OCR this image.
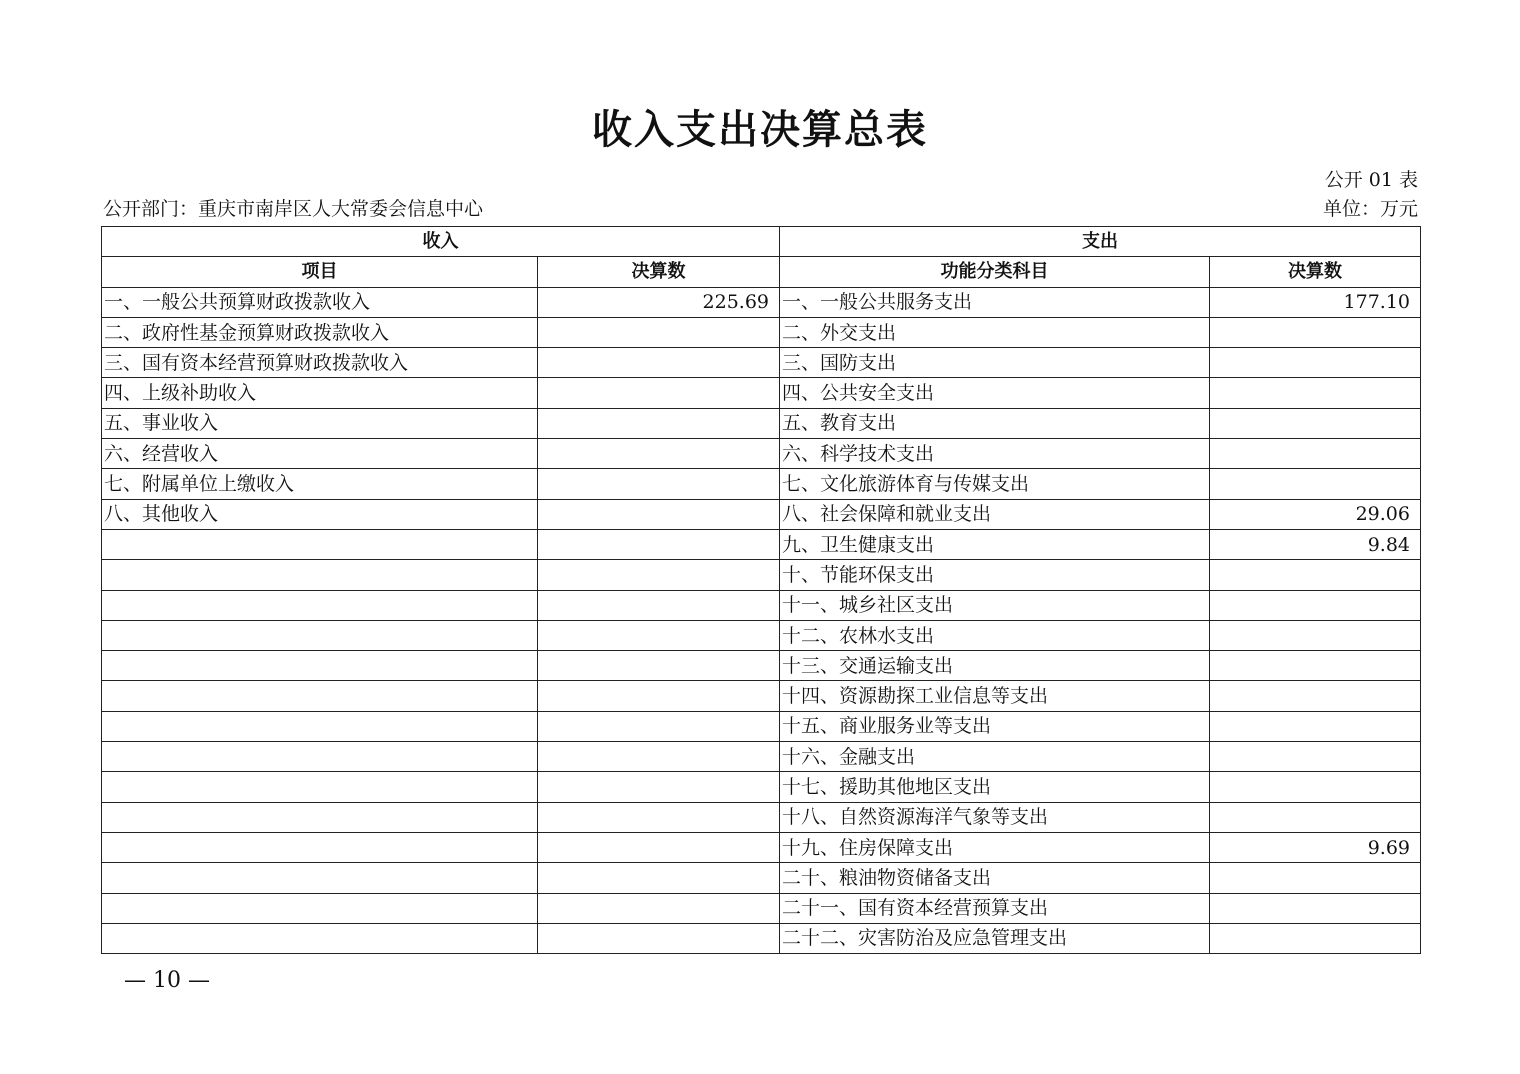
收入支出决算总表
公开 01 表
公开部门：重庆市南岸区人大常委会信息中心	单位：万元
收入		支出	
项目	决算数	功能分类科目	决算数
一、一般公共预算财政拨款收入	225.69	一、一般公共服务支出	177.10
二、政府性基金预算财政拨款收入		二、外交支出	
三、国有资本经营预算财政拨款收入		三、国防支出	
四、上级补助收入		四、公共安全支出	
五、事业收入		五、教育支出	
六、经营收入		六、科学技术支出	
七、附属单位上缴收入		七、文化旅游体育与传媒支出	
八、其他收入		八、社会保障和就业支出	29.06
		九、卫生健康支出	9.84
		十、节能环保支出	
		十一、城乡社区支出	
		十二、农林水支出	
		十三、交通运输支出	
		十四、资源勘探工业信息等支出	
		十五、商业服务业等支出	
		十六、金融支出	
		十七、援助其他地区支出	
		十八、自然资源海洋气象等支出	
		十九、住房保障支出	9.69
		二十、粮油物资储备支出	
		二十一、国有资本经营预算支出	
		二十二、灾害防治及应急管理支出	
— 10 —
